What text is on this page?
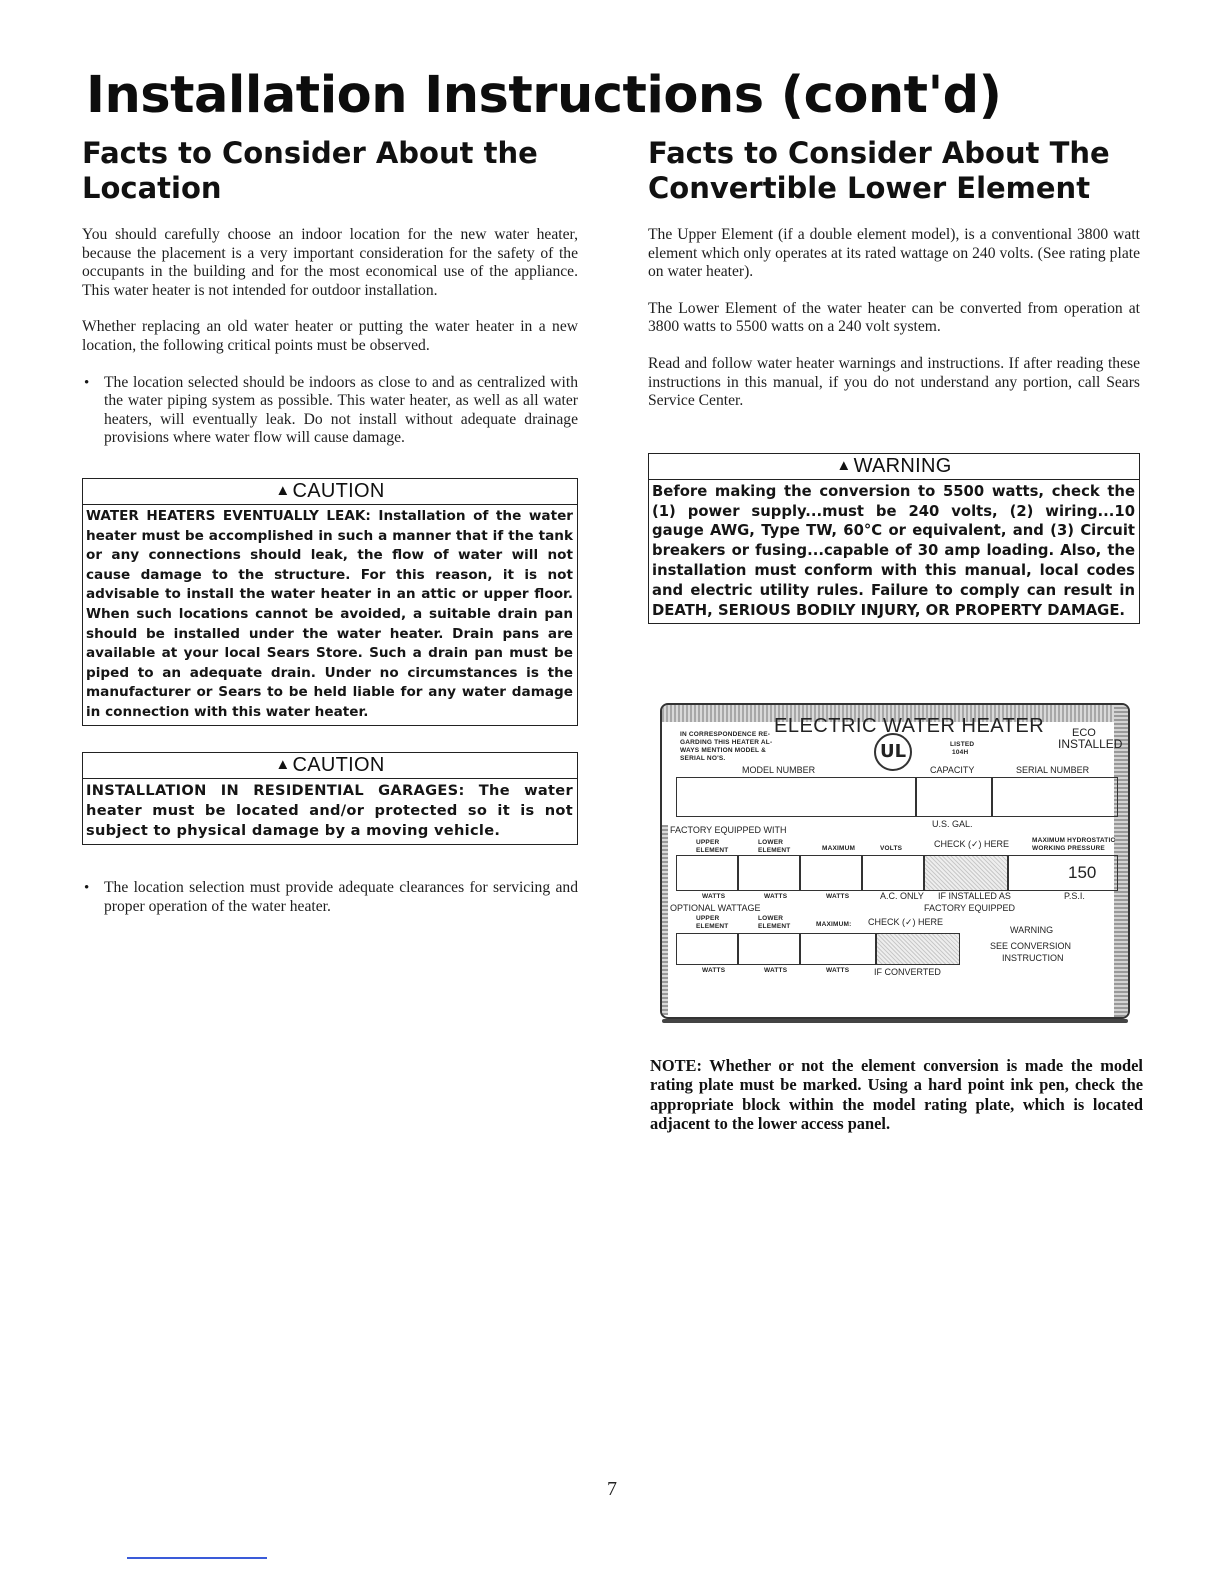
Installation Instructions (cont'd)
Facts to Consider About the Location

You should carefully choose an indoor location for the new water heater, because the placement is a very important consideration for the safety of the occupants in the building and for the most economical use of the appliance. This water heater is not intended for outdoor installation.

Whether replacing an old water heater or putting the water heater in a new location, the following critical points must be observed.

• The location selected should be indoors as close to and as centralized with the water piping system as possible. This water heater, as well as all water heaters, will eventually leak. Do not install without adequate drainage provisions where water flow will cause damage.

▲ CAUTION
WATER HEATERS EVENTUALLY LEAK: Installation of the water heater must be accomplished in such a manner that if the tank or any connections should leak, the flow of water will not cause damage to the structure. For this reason, it is not advisable to install the water heater in an attic or upper floor. When such locations cannot be avoided, a suitable drain pan should be installed under the water heater. Drain pans are available at your local Sears Store. Such a drain pan must be piped to an adequate drain. Under no circumstances is the manufacturer or Sears to be held liable for any water damage in connection with this water heater.
▲ CAUTION
INSTALLATION IN RESIDENTIAL GARAGES: The water heater must be located and/or protected so it is not subject to physical damage by a moving vehicle.
• The location selection must provide adequate clearances for servicing and proper operation of the water heater.

Facts to Consider About The Convertible Lower Element

The Upper Element (if a double element model), is a conventional 3800 watt element which only operates at its rated wattage on 240 volts. (See rating plate on water heater).

The Lower Element of the water heater can be converted from operation at 3800 watts to 5500 watts on a 240 volt system.

Read and follow water heater warnings and instructions. If after reading these instructions in this manual, if you do not understand any portion, call Sears Service Center.

▲ WARNING
Before making the conversion to 5500 watts, check the (1) power supply...must be 240 volts, (2) wiring...10 gauge AWG, Type TW, 60°C or equivalent, and (3) Circuit breakers or fusing...capable of 30 amp loading. Also, the installation must conform with this manual, local codes and electric utility rules. Failure to comply can result in DEATH, SERIOUS BODILY INJURY, OR PROPERTY DAMAGE.
ELECTRIC WATER HEATER	ECO
INSTALLED
IN CORRESPONDENCE RE-
GARDING THIS HEATER AL-
WAYS MENTION MODEL &
SERIAL NO'S.
MODEL NUMBER
UL	LISTED
104H
CAPACITY	SERIAL NUMBER
U.S. GAL.
FACTORY EQUIPPED WITH
UPPER ELEMENT
LOWER ELEMENT	MAXIMUM	VOLTS	CHECK (✓) HERE	MAXIMUM HYDROSTATIC WORKING PRESSURE
150
WATTS	WATTS	WATTS	A.C. ONLY IF INSTALLED AS	P.S.I.
OPTIONAL WATTAGE	FACTORY EQUIPPED
UPPER ELEMENT
LOWER ELEMENT	MAXIMUM: CHECK (✓) HERE
WARNING
SEE CONVERSION
INSTRUCTION
WATTS	WATTS	WATTS	IF CONVERTED

NOTE: Whether or not the element conversion is made the model rating plate must be marked. Using a hard point ink pen, check the appropriate block within the model rating plate, which is located adjacent to the lower access panel.

7
